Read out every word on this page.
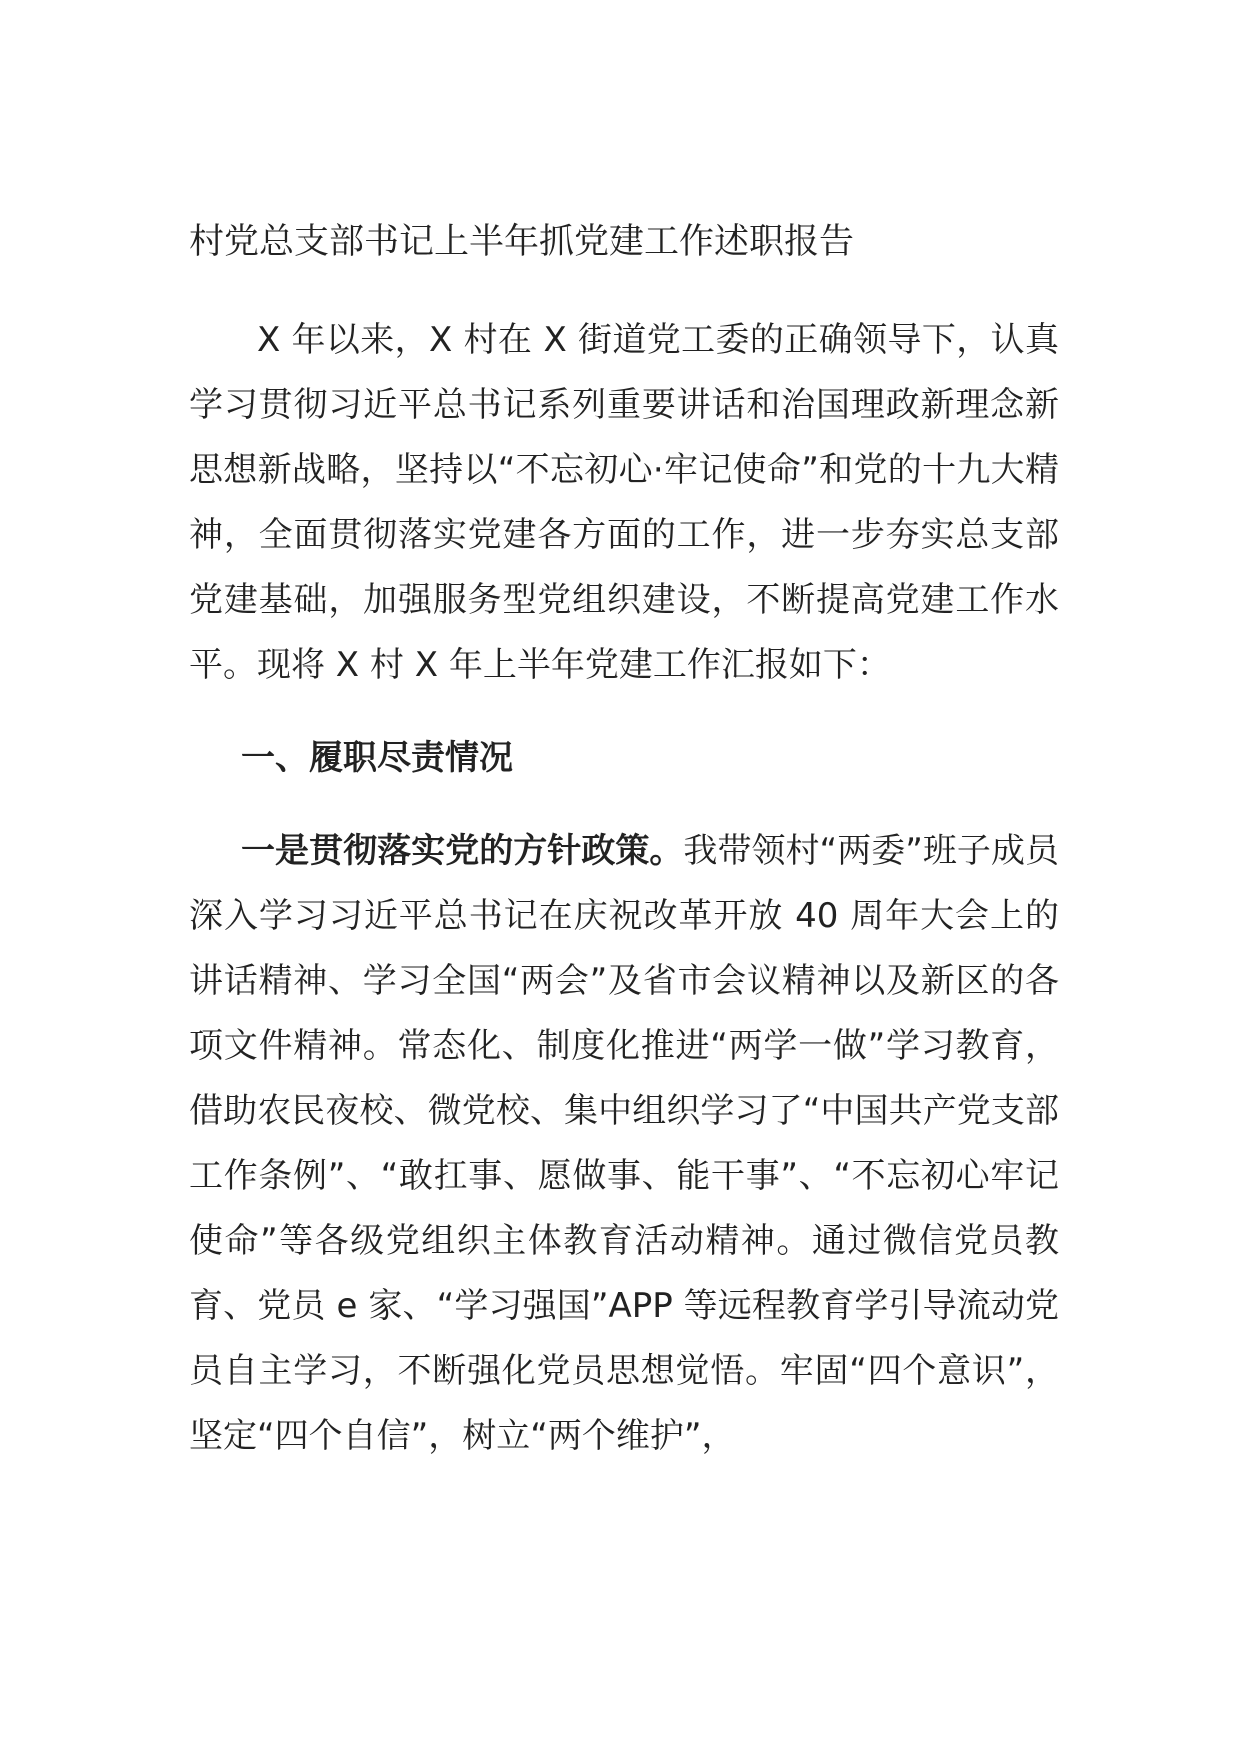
村党总支部书记上半年抓党建工作述职报告

X 年以来，X 村在 X 街道党工委的正确领导下，认真学习贯彻习近平总书记系列重要讲话和治国理政新理念新思想新战略，坚持以“不忘初心·牢记使命”和党的十九大精神，全面贯彻落实党建各方面的工作，进一步夯实总支部党建基础，加强服务型党组织建设，不断提高党建工作水平。现将 X 村 X 年上半年党建工作汇报如下：

一、履职尽责情况

一是贯彻落实党的方针政策。我带领村“两委”班子成员深入学习习近平总书记在庆祝改革开放 40 周年大会上的讲话精神、学习全国“两会”及省市会议精神以及新区的各项文件精神。常态化、制度化推进“两学一做”学习教育，借助农民夜校、微党校、集中组织学习了“中国共产党支部工作条例”、“敢扛事、愿做事、能干事”、“不忘初心牢记使命”等各级党组织主体教育活动精神。通过微信党员教育、党员 e 家、“学习强国”APP 等远程教育学引导流动党员自主学习，不断强化党员思想觉悟。牢固“四个意识”，坚定“四个自信”，树立“两个维护”，
